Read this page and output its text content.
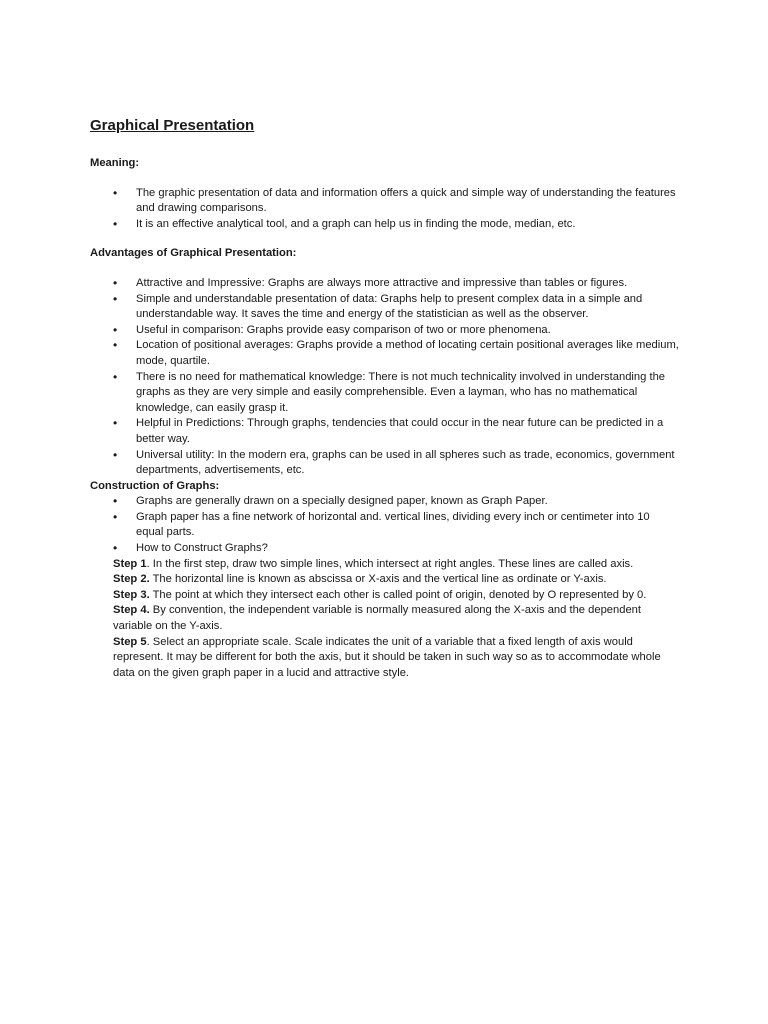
Graphical Presentation

Meaning:

• The graphic presentation of data and information offers a quick and simple way of understanding the features and drawing comparisons.
• It is an effective analytical tool, and a graph can help us in finding the mode, median, etc.

Advantages of Graphical Presentation:

• Attractive and Impressive: Graphs are always more attractive and impressive than tables or figures.
• Simple and understandable presentation of data: Graphs help to present complex data in a simple and understandable way. It saves the time and energy of the statistician as well as the observer.
• Useful in comparison: Graphs provide easy comparison of two or more phenomena.
• Location of positional averages: Graphs provide a method of locating certain positional averages like medium, mode, quartile.
• There is no need for mathematical knowledge: There is not much technicality involved in understanding the graphs as they are very simple and easily comprehensible. Even a layman, who has no mathematical knowledge, can easily grasp it.
• Helpful in Predictions: Through graphs, tendencies that could occur in the near future can be predicted in a better way.
• Universal utility: In the modern era, graphs can be used in all spheres such as trade, economics, government departments, advertisements, etc.

Construction of Graphs:

• Graphs are generally drawn on a specially designed paper, known as Graph Paper.
• Graph paper has a fine network of horizontal and. vertical lines, dividing every inch or centimeter into 10 equal parts.
• How to Construct Graphs?

Step 1. In the first step, draw two simple lines, which intersect at right angles. These lines are called axis.

Step 2. The horizontal line is known as abscissa or X-axis and the vertical line as ordinate or Y-axis.

Step 3. The point at which they intersect each other is called point of origin, denoted by O represented by 0.

Step 4. By convention, the independent variable is normally measured along the X-axis and the dependent variable on the Y-axis.

Step 5. Select an appropriate scale. Scale indicates the unit of a variable that a fixed length of axis would represent. It may be different for both the axis, but it should be taken in such way so as to accommodate whole data on the given graph paper in a lucid and attractive style.
